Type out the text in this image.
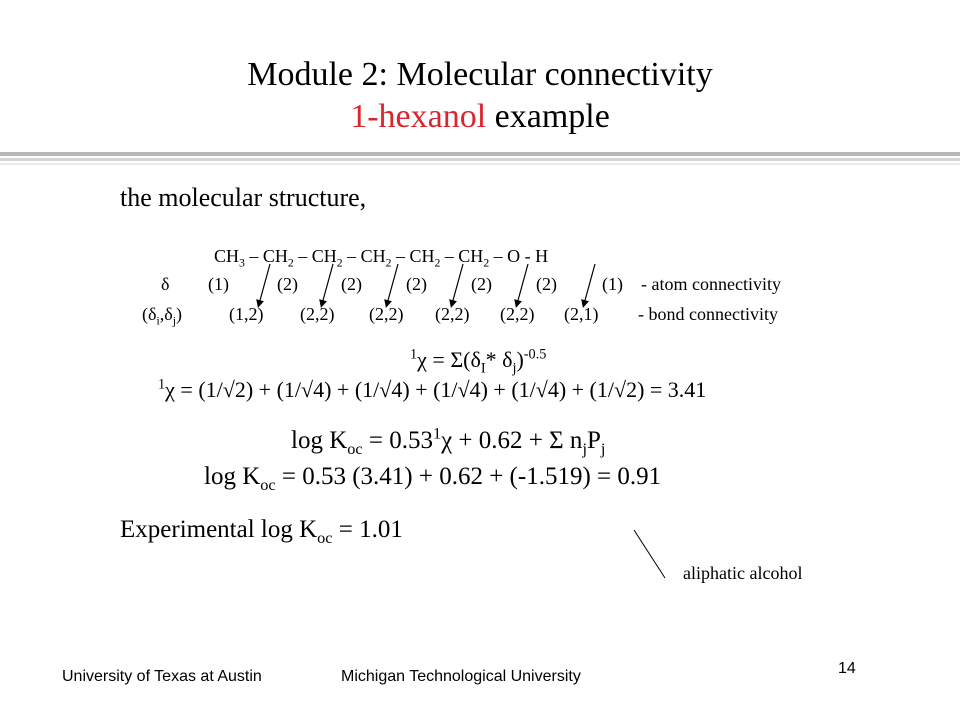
Module 2: Molecular connectivity
1-hexanol example
the molecular structure,
$CH_3 - CH_2 - CH_2 - CH_2 - CH_2 - CH_2$ – O - H
δ (1)	(2) (2) (2) (2) (2)	(1) - atom connectivity
$(\delta_i,\delta_j)$	(1,2) (2,2) (2,2) (2,2) (2,2) (2,1) - bond connectivity
$^1\chi = \Sigma(\delta_I*$ $\delta_j)^{-0.5}$
$^1$χ = (1/√2) + (1/√4) + (1/√4) + (1/√4) + (1/√4) + (1/√2) = 3.41
$\log K_{oc} = 0.53^1\chi + 0.62 + \Sigma$ $n_jP_j$
$\log K_{oc} = 0.53$ (3.41) + 0.62 + (-1.519) = 0.91
Experimental $\log K_{oc} = 1.01$
aliphatic alcohol
University of Texas at Austin	Michigan Technological University	14
